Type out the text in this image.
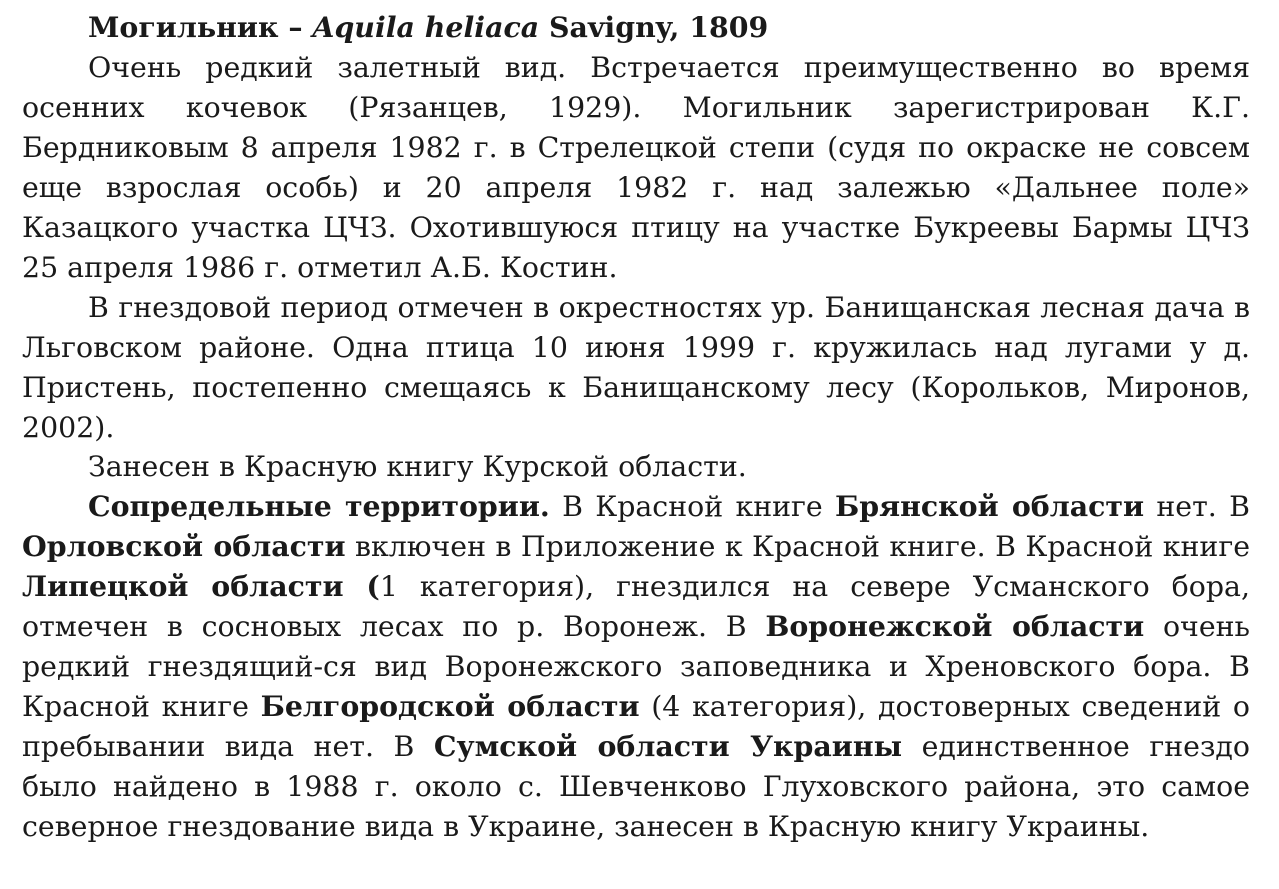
Могильник – Aquila heliaca Savigny, 1809

Очень редкий залетный вид. Встречается преимущественно во время осенних кочевок (Рязанцев, 1929). Могильник зарегистрирован К.Г. Бердниковым 8 апреля 1982 г. в Стрелецкой степи (судя по окраске не совсем еще взрослая особь) и 20 апреля 1982 г. над залежью «Дальнее поле» Казацкого участка ЦЧЗ. Охотившуюся птицу на участке Букреевы Бармы ЦЧЗ 25 апреля 1986 г. отметил А.Б. Костин.

В гнездовой период отмечен в окрестностях ур. Банищанская лесная дача в Льговском районе. Одна птица 10 июня 1999 г. кружилась над лугами у д. Пристень, постепенно смещаясь к Банищанскому лесу (Корольков, Миронов, 2002).

Занесен в Красную книгу Курской области.

Сопредельные территории. В Красной книге Брянской области нет. В Орловской области включен в Приложение к Красной книге. В Красной книге Липецкой области (1 категория), гнездился на севере Усманского бора, отмечен в сосновых лесах по р. Воронеж. В Воронежской области очень редкий гнездящий-ся вид Воронежского заповедника и Хреновского бора. В Красной книге Белгородской области (4 категория), достоверных сведений о пребывании вида нет. В Сумской области Украины единственное гнездо было найдено в 1988 г. около с. Шевченково Глуховского района, это самое северное гнездование вида в Украине, занесен в Красную книгу Украины.
